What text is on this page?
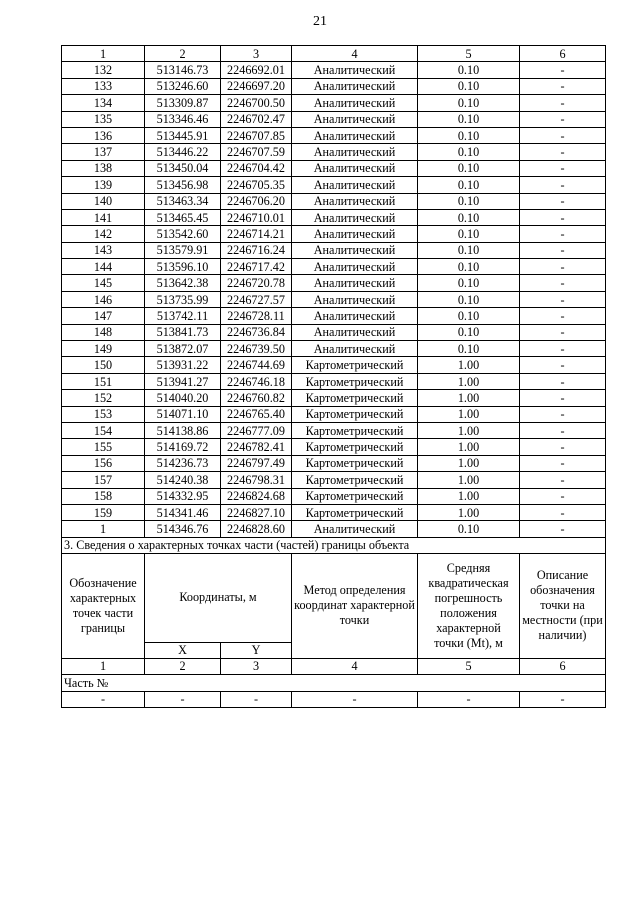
21
1	2	3	4	5	6
132	513146.73	2246692.01	Аналитический	0.10	-
133	513246.60	2246697.20	Аналитический	0.10	-
134	513309.87	2246700.50	Аналитический	0.10	-
135	513346.46	2246702.47	Аналитический	0.10	-
136	513445.91	2246707.85	Аналитический	0.10	-
137	513446.22	2246707.59	Аналитический	0.10	-
138	513450.04	2246704.42	Аналитический	0.10	-
139	513456.98	2246705.35	Аналитический	0.10	-
140	513463.34	2246706.20	Аналитический	0.10	-
141	513465.45	2246710.01	Аналитический	0.10	-
142	513542.60	2246714.21	Аналитический	0.10	-
143	513579.91	2246716.24	Аналитический	0.10	-
144	513596.10	2246717.42	Аналитический	0.10	-
145	513642.38	2246720.78	Аналитический	0.10	-
146	513735.99	2246727.57	Аналитический	0.10	-
147	513742.11	2246728.11	Аналитический	0.10	-
148	513841.73	2246736.84	Аналитический	0.10	-
149	513872.07	2246739.50	Аналитический	0.10	-
150	513931.22	2246744.69	Картометрический	1.00	-
151	513941.27	2246746.18	Картометрический	1.00	-
152	514040.20	2246760.82	Картометрический	1.00	-
153	514071.10	2246765.40	Картометрический	1.00	-
154	514138.86	2246777.09	Картометрический	1.00	-
155	514169.72	2246782.41	Картометрический	1.00	-
156	514236.73	2246797.49	Картометрический	1.00	-
157	514240.38	2246798.31	Картометрический	1.00	-
158	514332.95	2246824.68	Картометрический	1.00	-
159	514341.46	2246827.10	Картометрический	1.00	-
1	514346.76	2246828.60	Аналитический	0.10	-
3. Сведения о характерных точках части (частей) границы объекта					
Обозначение характерных точек части границы	Координаты, м		Метод определения координат характерной точки	Средняя квадратическая погрешность положения характерной точки (Мt), м	Описание обозначения точки на местности (при наличии)
	X	Y			
1	2	3	4	5	6
Часть №					
-	-	-	-	-	-
